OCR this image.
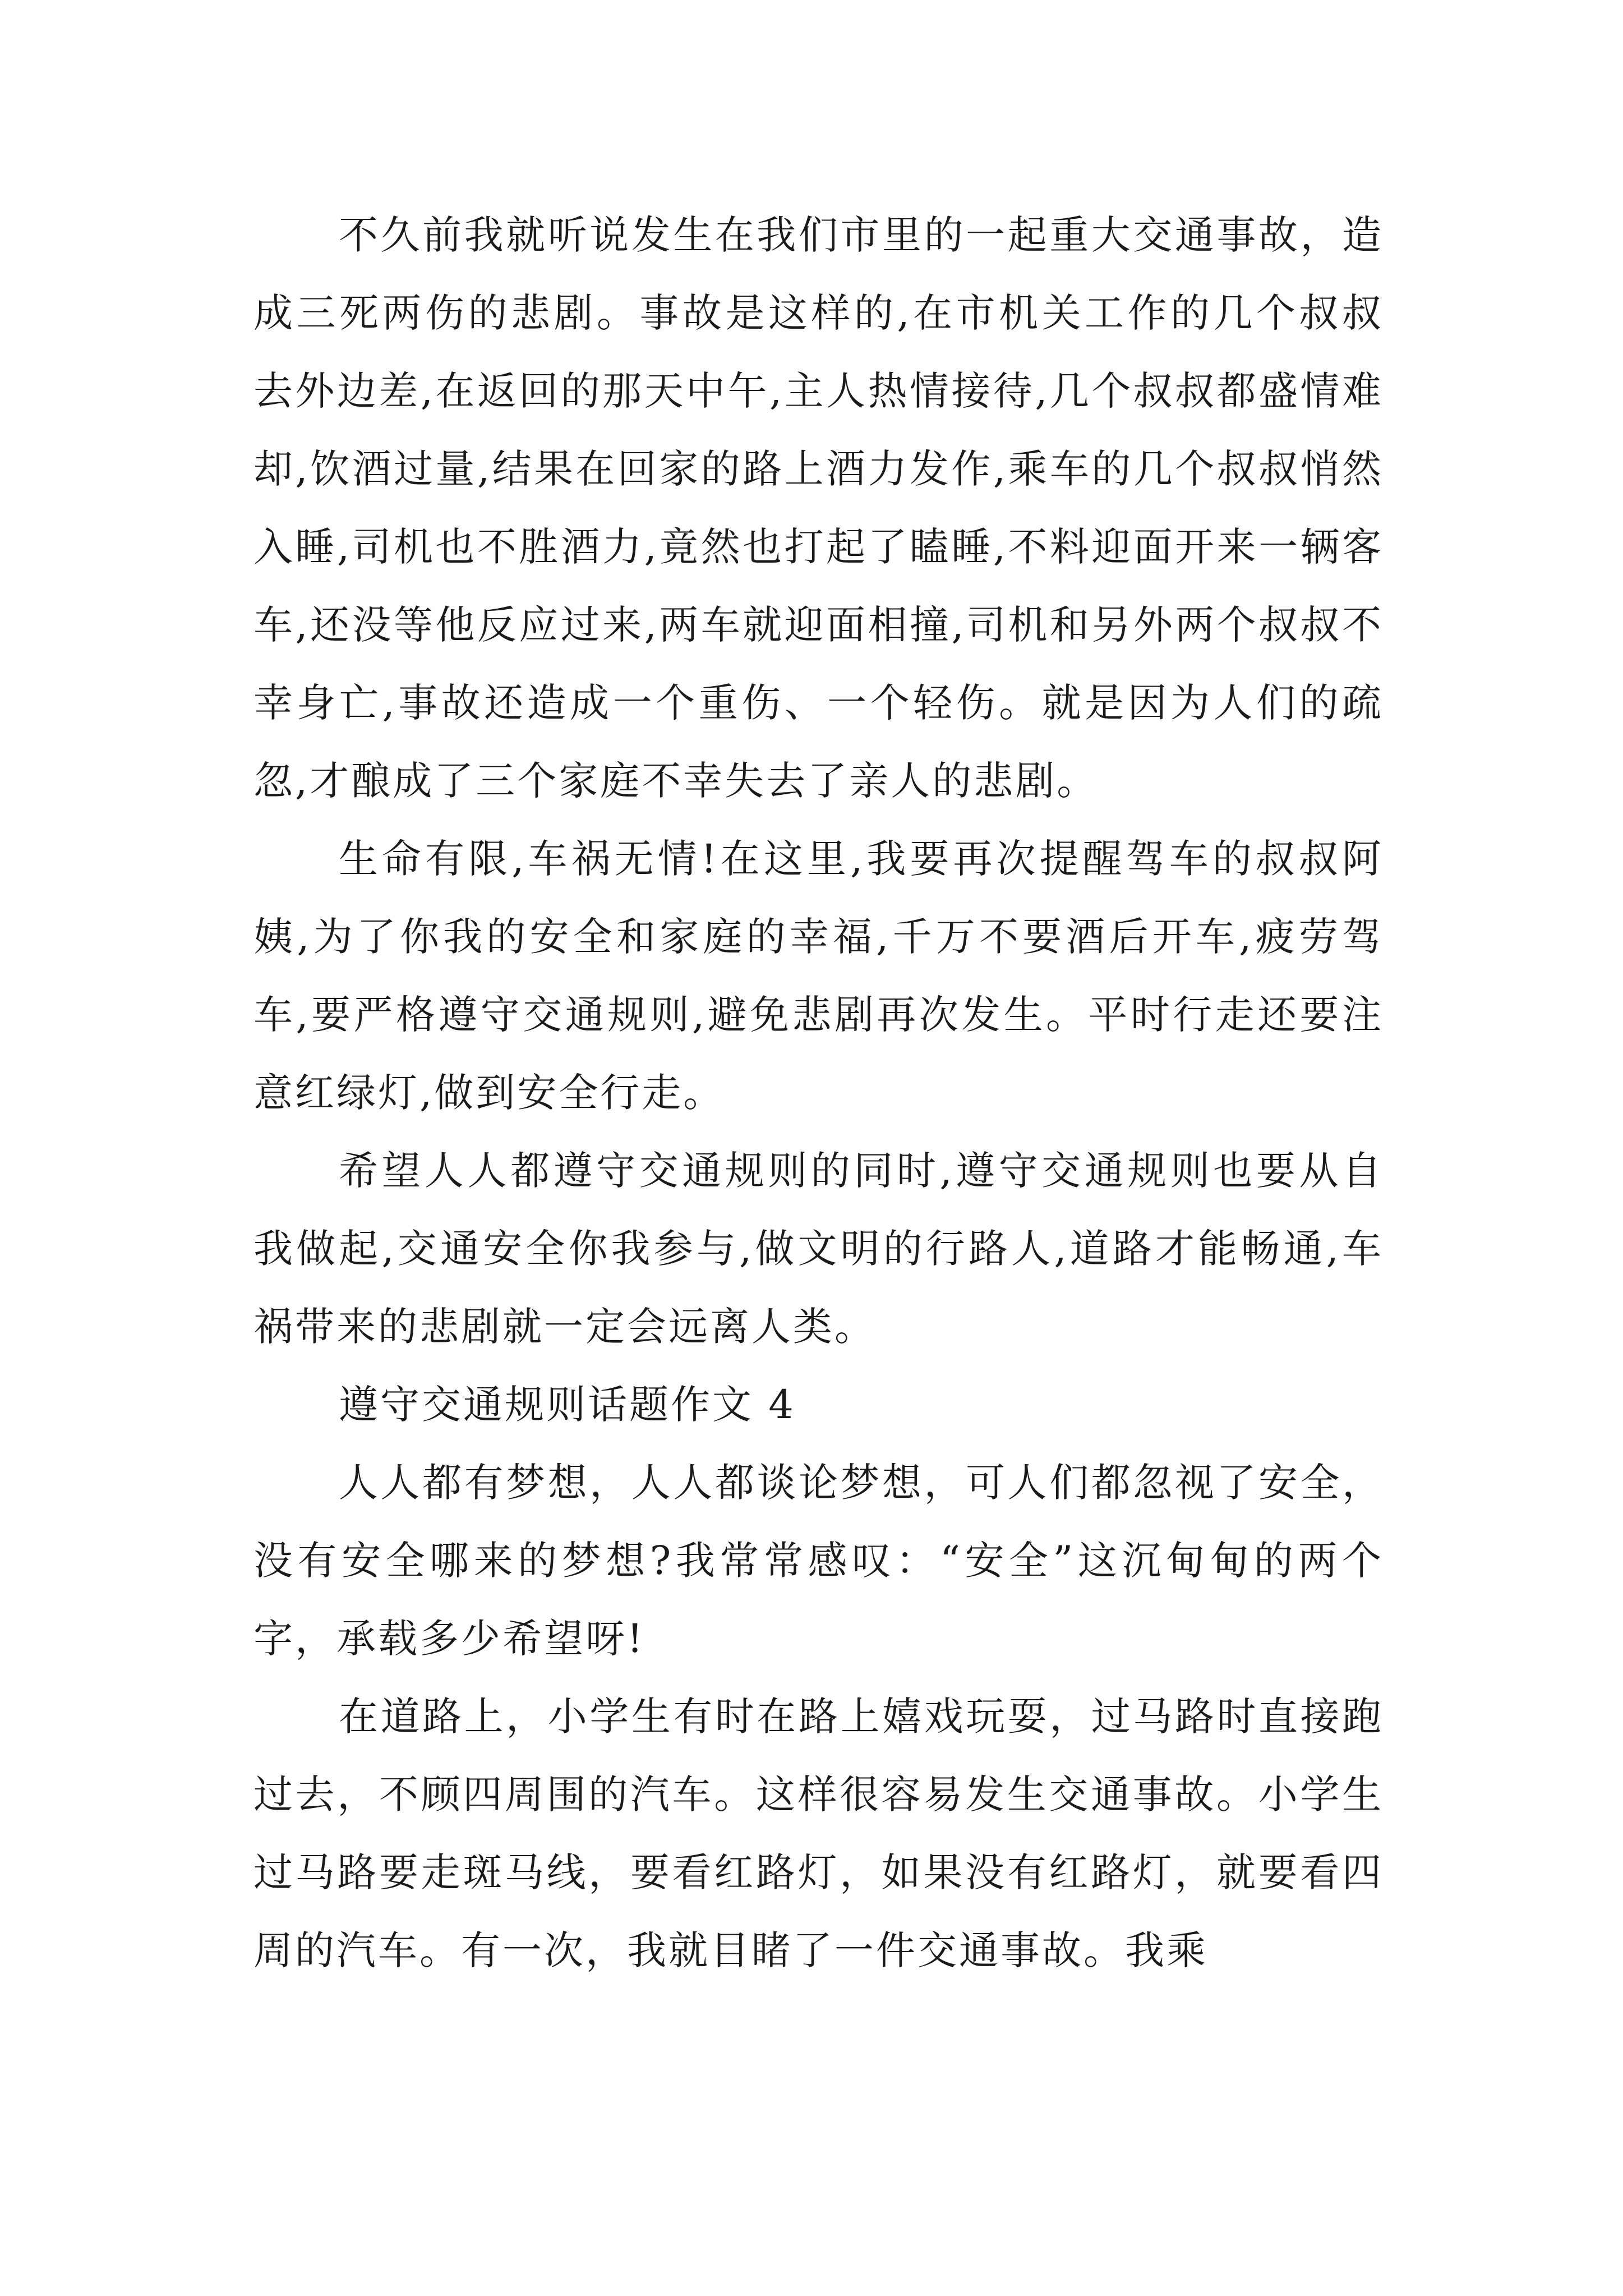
不久前我就听说发生在我们市里的一起重大交通事故，造成三死两伤的悲剧。事故是这样的,在市机关工作的几个叔叔去外边差,在返回的那天中午,主人热情接待,几个叔叔都盛情难却,饮酒过量,结果在回家的路上酒力发作,乘车的几个叔叔悄然入睡,司机也不胜酒力,竟然也打起了瞌睡,不料迎面开来一辆客车,还没等他反应过来,两车就迎面相撞,司机和另外两个叔叔不幸身亡,事故还造成一个重伤、一个轻伤。就是因为人们的疏忽,才酿成了三个家庭不幸失去了亲人的悲剧。

生命有限,车祸无情!在这里,我要再次提醒驾车的叔叔阿姨,为了你我的安全和家庭的幸福,千万不要酒后开车,疲劳驾车,要严格遵守交通规则,避免悲剧再次发生。平时行走还要注意红绿灯,做到安全行走。

希望人人都遵守交通规则的同时,遵守交通规则也要从自我做起,交通安全你我参与,做文明的行路人,道路才能畅通,车祸带来的悲剧就一定会远离人类。

遵守交通规则话题作文 4

人人都有梦想，人人都谈论梦想，可人们都忽视了安全，没有安全哪来的梦想?我常常感叹：“安全”这沉甸甸的两个字，承载多少希望呀!

在道路上，小学生有时在路上嬉戏玩耍，过马路时直接跑过去，不顾四周围的汽车。这样很容易发生交通事故。小学生过马路要走斑马线，要看红路灯，如果没有红路灯，就要看四周的汽车。有一次，我就目睹了一件交通事故。我乘
